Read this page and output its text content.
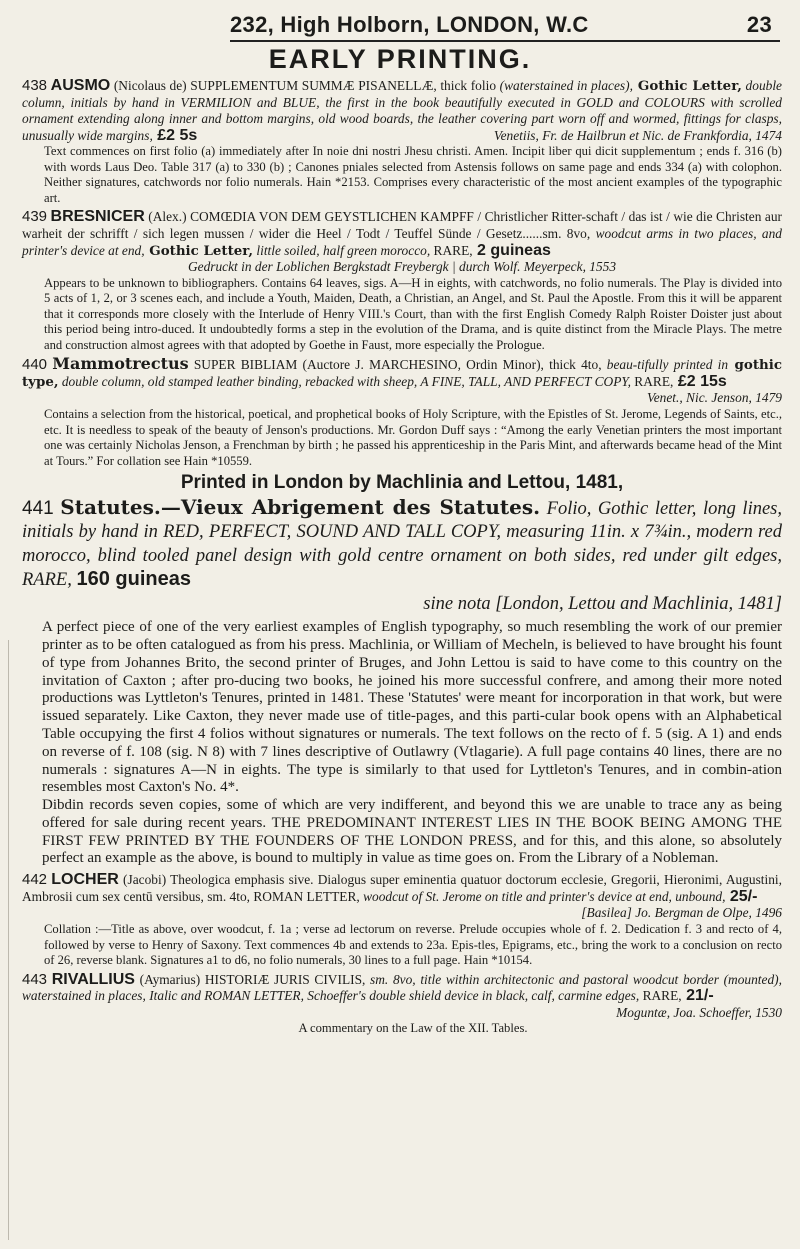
232, High Holborn, LONDON, W.C	23
EARLY PRINTING.

438 AUSMO (Nicolaus de) SUPPLEMENTUM SUMMÆ PISANELLÆ, thick folio (waterstained in places), Gothic Letter, double column, initials by hand in VERMILION and BLUE, the first in the book beautifully executed in GOLD and COLOURS with scrolled ornament extending along inner and bottom margins, old wood boards, the leather covering part worn off and wormed, fittings for clasps, unusually wide margins, £2 5s	Venetiis, Fr. de Hailbrun et Nic. de Frankfordia, 1474

Text commences on first folio (a) immediately after In noie dni nostri Jhesu christi. Amen. Incipit liber qui dicit supplementum ; ends f. 316 (b) with words Laus Deo. Table 317 (a) to 330 (b) ; Canones pniales selected from Astensis follows on same page and ends 334 (a) with colophon. Neither signatures, catchwords nor folio numerals. Hain *2153. Comprises every characteristic of the most ancient examples of the typographic art.

439 BRESNICER (Alex.) COMŒDIA VON DEM GEYSTLICHEN KAMPFF / Christlicher Ritter-schaft / das ist / wie die Christen aur warheit der schrifft / sich legen mussen / wider die Heel / Todt / Teuffel Sünde / Gesetz......sm. 8vo, woodcut arms in two places, and printer's device at end, Gothic Letter, little soiled, half green morocco, RARE, 2 guineas

Gedruckt in der Loblichen Bergkstadt Freybergk | durch Wolf. Meyerpeck, 1553

Appears to be unknown to bibliographers. Contains 64 leaves, sigs. A—H in eights, with catchwords, no folio numerals. The Play is divided into 5 acts of 1, 2, or 3 scenes each, and include a Youth, Maiden, Death, a Christian, an Angel, and St. Paul the Apostle. From this it will be apparent that it corresponds more closely with the Interlude of Henry VIII.'s Court, than with the first English Comedy Ralph Roister Doister just about this period being intro-duced. It undoubtedly forms a step in the evolution of the Drama, and is quite distinct from the Miracle Plays. The metre and construction almost agrees with that adopted by Goethe in Faust, more especially the Prologue.

440 Mammotrectus SUPER BIBLIAM (Auctore J. MARCHESINO, Ordin Minor), thick 4to, beau-tifully printed in gothic type, double column, old stamped leather binding, rebacked with sheep, A FINE, TALL, AND PERFECT COPY, RARE, £2 15s
Venet., Nic. Jenson, 1479

Contains a selection from the historical, poetical, and prophetical books of Holy Scripture, with the Epistles of St. Jerome, Legends of Saints, etc., etc. It is needless to speak of the beauty of Jenson's productions. Mr. Gordon Duff says : “Among the early Venetian printers the most important one was certainly Nicholas Jenson, a Frenchman by birth ; he passed his apprenticeship in the Paris Mint, and afterwards became head of the Mint at Tours.” For collation see Hain *10559.

Printed in London by Machlinia and Lettou, 1481,

441 Statutes.—Vieux Abrigement des Statutes. Folio, Gothic letter, long lines, initials by hand in RED, PERFECT, SOUND AND TALL COPY, measuring 11in. x 7¾in., modern red morocco, blind tooled panel design with gold centre ornament on both sides, red under gilt edges, RARE, 160 guineas

sine nota [London, Lettou and Machlinia, 1481]

A perfect piece of one of the very earliest examples of English typography, so much resembling the work of our premier printer as to be often catalogued as from his press. Machlinia, or William of Mecheln, is believed to have brought his fount of type from Johannes Brito, the second printer of Bruges, and John Lettou is said to have come to this country on the invitation of Caxton ; after pro-ducing two books, he joined his more successful confrere, and among their more noted productions was Lyttleton's Tenures, printed in 1481. These 'Statutes' were meant for incorporation in that work, but were issued separately. Like Caxton, they never made use of title-pages, and this parti-cular book opens with an Alphabetical Table occupying the first 4 folios without signatures or numerals. The text follows on the recto of f. 5 (sig. A 1) and ends on reverse of f. 108 (sig. N 8) with 7 lines descriptive of Outlawry (Vtlagarie). A full page contains 40 lines, there are no numerals : signatures A—N in eights. The type is similarly to that used for Lyttleton's Tenures, and in combin-ation resembles most Caxton's No. 4*.

Dibdin records seven copies, some of which are very indifferent, and beyond this we are unable to trace any as being offered for sale during recent years. THE PREDOMINANT INTEREST LIES IN THE BOOK BEING AMONG THE FIRST FEW PRINTED BY THE FOUNDERS OF THE LONDON PRESS, and for this, and this alone, so absolutely perfect an example as the above, is bound to multiply in value as time goes on. From the Library of a Nobleman.

442 LOCHER (Jacobi) Theologica emphasis sive. Dialogus super eminentia quatuor doctorum ecclesie, Gregorii, Hieronimi, Augustini, Ambrosii cum sex centū versibus, sm. 4to, ROMAN LETTER, woodcut of St. Jerome on title and printer's device at end, unbound, 25/-

[Basilea] Jo. Bergman de Olpe, 1496

Collation :—Title as above, over woodcut, f. 1a ; verse ad lectorum on reverse. Prelude occupies whole of f. 2. Dedication f. 3 and recto of 4, followed by verse to Henry of Saxony. Text commences 4b and extends to 23a. Epis-tles, Epigrams, etc., bring the work to a conclusion on recto of 26, reverse blank. Signatures a1 to d6, no folio numerals, 30 lines to a full page. Hain *10154.

443 RIVALLIUS (Aymarius) HISTORIÆ JURIS CIVILIS, sm. 8vo, title within architectonic and pastoral woodcut border (mounted), waterstained in places, Italic and ROMAN LETTER, Schoeffer's double shield device in black, calf, carmine edges, RARE, 21/-
Moguntæ, Joa. Schoeffer, 1530

A commentary on the Law of the XII. Tables.
